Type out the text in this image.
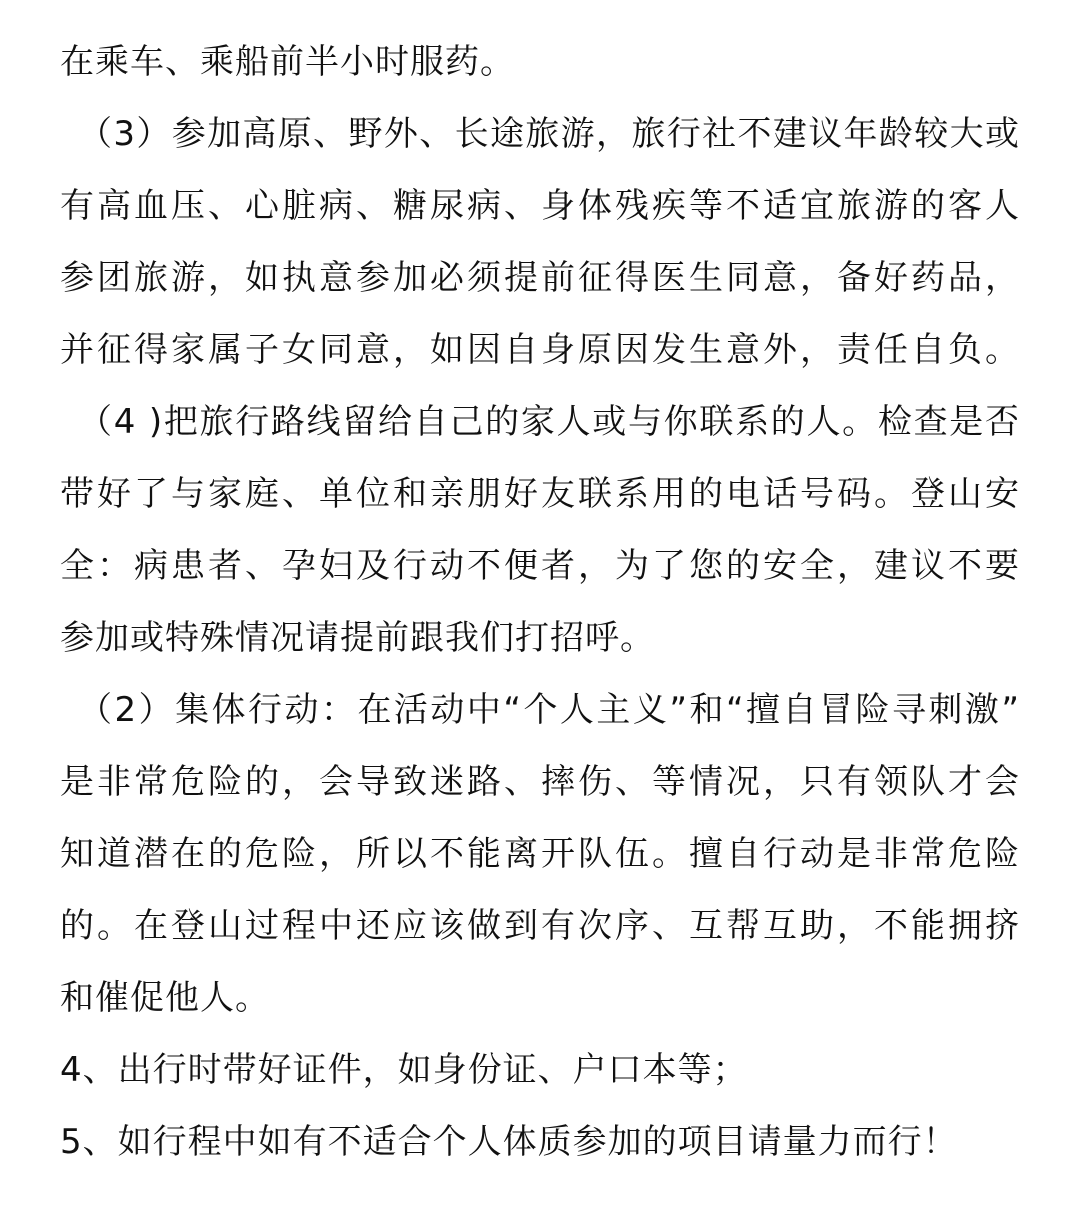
在乘车、乘船前半小时服药。
（3）参加高原、野外、长途旅游，旅行社不建议年龄较大或
有高血压、心脏病、糖尿病、身体残疾等不适宜旅游的客人
参团旅游，如执意参加必须提前征得医生同意，备好药品，
并征得家属子女同意，如因自身原因发生意外，责任自负。
（4 )把旅行路线留给自己的家人或与你联系的人。检查是否
带好了与家庭、单位和亲朋好友联系用的电话号码。登山安
全：病患者、孕妇及行动不便者，为了您的安全，建议不要
参加或特殊情况请提前跟我们打招呼。
（2）集体行动：在活动中“个人主义”和“擅自冒险寻刺激”
是非常危险的，会导致迷路、摔伤、等情况，只有领队才会
知道潜在的危险，所以不能离开队伍。擅自行动是非常危险
的。在登山过程中还应该做到有次序、互帮互助，不能拥挤
和催促他人。
4、出行时带好证件，如身份证、户口本等；
5、如行程中如有不适合个人体质参加的项目请量力而行！
